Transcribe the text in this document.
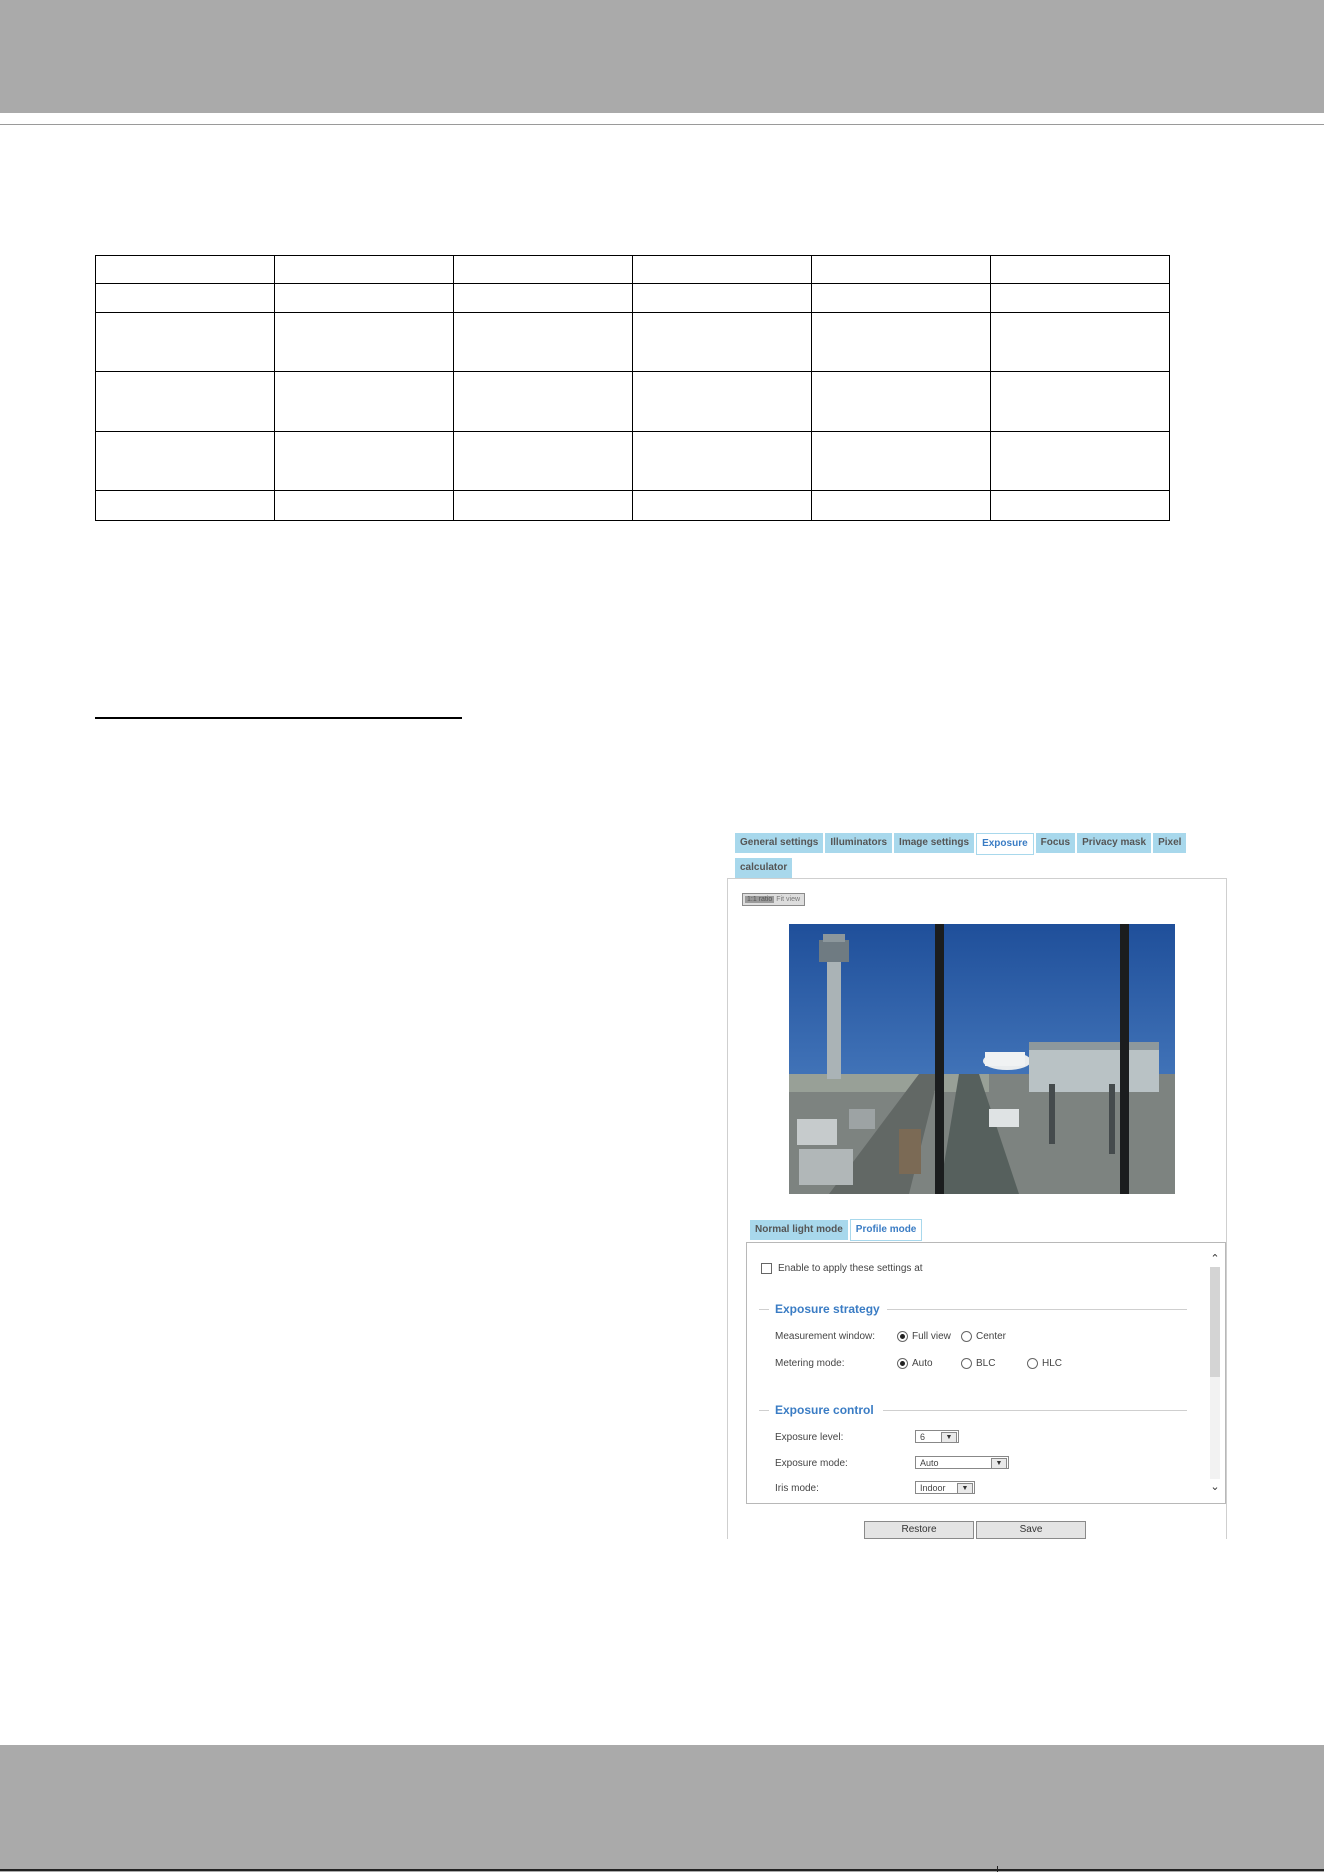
General settings Illuminators Image settings Exposure Focus Privacy mask Pixelcalculator
1:1 ratio Fit view
Normal light mode Profile mode
Enable to apply these settings at
Exposure strategy
Measurement window:	Full view	Center
Metering mode:	Auto	BLC	HLC
Exposure control
Exposure level:	6	▼
Exposure mode:	Auto	▼
Iris mode:	Indoor	▼
⌃
⌄
Restore	Save
